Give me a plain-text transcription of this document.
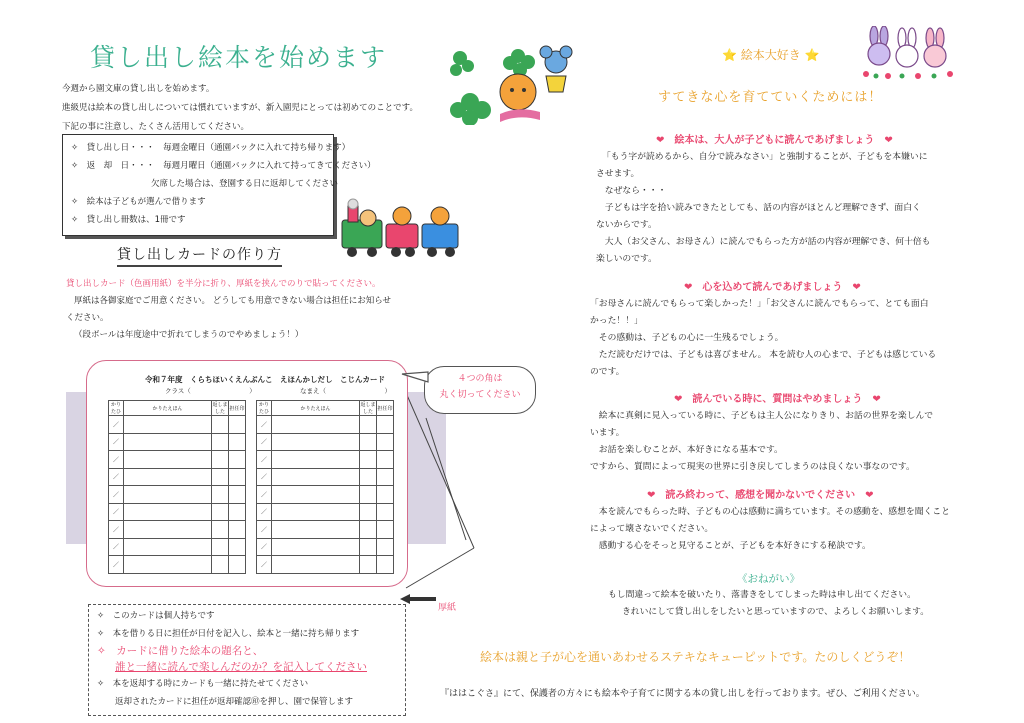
貸し出し絵本を始めます
今週から園文庫の貸し出しを始めます。
進級児は絵本の貸し出しについては慣れていますが、新入園児にとっては初めてのことです。
下記の事に注意し、たくさん活用してください。
✧　貸し出し日・・・　毎週金曜日（通園バックに入れて持ち帰ります）
✧　返　却　日・・・　毎週月曜日（通園バックに入れて持ってきてください）
欠席した場合は、登園する日に返却してください
✧　絵本は子どもが選んで借ります
✧　貸し出し冊数は、1冊です
貸し出しカードの作り方
貸し出しカード（色画用紙）を半分に折り、厚紙を挟んでのりで貼ってください。
厚紙は各御家庭でご用意ください。 どうしても用意できない場合は担任にお知らせ
ください。
（段ボールは年度途中で折れてしまうのでやめましょう！）
令和７年度　くらちほいくえんぶんこ　えほんかしだし　こじんカード
クラス（　　　　　　　　　）	なまえ（　　　　　　　　　）
かりたひ	かりたえほん	返しました	担任印
／			
／			
／			
／			
／			
／			
／			
／			
／			
かりたひ	かりたえほん	返しました	担任印
／			
／			
／			
／			
／			
／			
／			
／			
／			
４つの角は
丸く切ってください
厚紙
✧　このカードは個人持ちです
✧　本を借りる日に担任が日付を記入し、絵本と一緒に持ち帰ります
✧　カードに借りた絵本の題名と、
誰と一緒に読んで楽しんだのか？を記入してください
✧　本を返却する時にカードも一緒に持たせてください
返却されたカードに担任が返却確認㊞を押し、園で保管します
⭐ 絵本大好き ⭐
すてきな心を育てていくためには！
❤　絵本は、大人が子どもに読んであげましょう　❤
「もう字が読めるから、自分で読みなさい」と強制することが、子どもを本嫌いに
させます。
　なぜなら・・・
　子どもは字を拾い読みできたとしても、話の内容がほとんど理解できず、面白く
ないからです。
　大人（お父さん、お母さん）に読んでもらった方が話の内容が理解でき、何十倍も
楽しいのです。
❤　心を込めて読んであげましょう　❤
「お母さんに読んでもらって楽しかった！」「お父さんに読んでもらって、とても面白
かった！！」
　その感動は、子どもの心に一生残るでしょう。
　ただ読むだけでは、子どもは喜びません。 本を読む人の心まで、子どもは感じている
のです。
❤　読んでいる時に、質問はやめましょう　❤
　絵本に真剣に見入っている時に、子どもは主人公になりきり、お話の世界を楽しんで
います。
　お話を楽しむことが、本好きになる基本です。
ですから、質問によって現実の世界に引き戻してしまうのは良くない事なのです。
❤　読み終わって、感想を聞かないでください　❤
　本を読んでもらった時、子どもの心は感動に満ちています。その感動を、感想を聞くこと
によって壊さないでください。
　感動する心をそっと見守ることが、子どもを本好きにする秘訣です。
《おねがい》
もし間違って絵本を破いたり、落書きをしてしまった時は申し出てください。
きれいにして貸し出しをしたいと思っていますので、よろしくお願いします。
絵本は親と子が心を通いあわせるステキなキューピットです。たのしくどうぞ！
『ははこぐさ』にて、保護者の方々にも絵本や子育てに関する本の貸し出しを行っております。ぜひ、ご利用ください。
